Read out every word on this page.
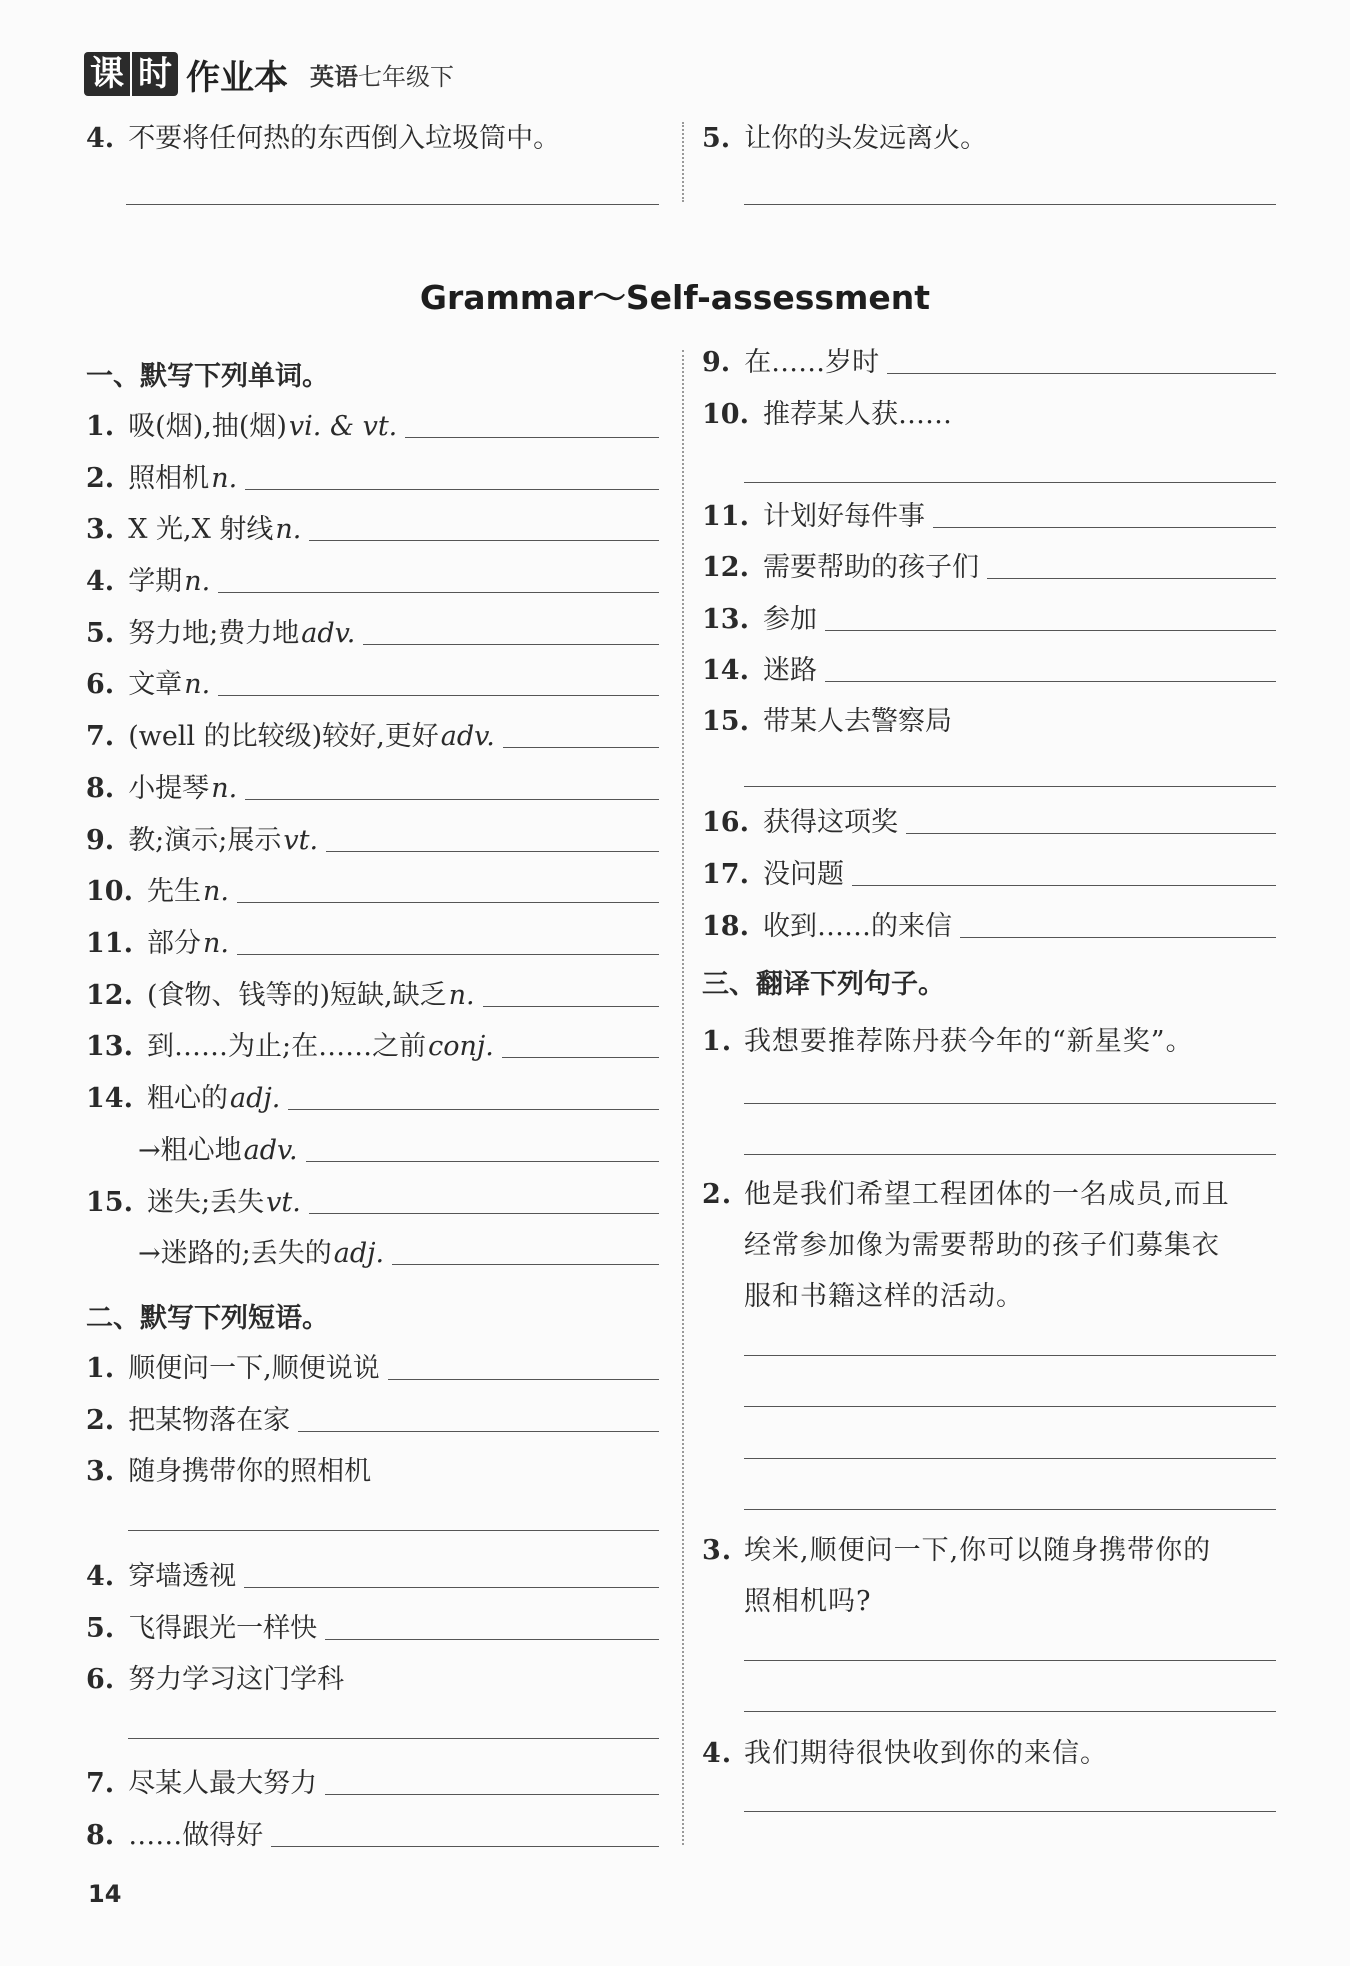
课 时 作业本 英语七年级下
4. 不要将任何热的东西倒入垃圾筒中。	5. 让你的头发远离火。
Grammar～Self-assessment
一、默写下列单词。
1. 吸(烟),抽(烟) vi. & vt.
2. 照相机 n.
3. X 光,X 射线 n.
4. 学期 n.
5. 努力地;费力地 adv.
6. 文章 n.
7. (well 的比较级)较好,更好 adv.
8. 小提琴 n.
9. 教;演示;展示 vt.
10. 先生 n.
11. 部分 n.
12. (食物、钱等的)短缺,缺乏 n.
13. 到……为止;在……之前 conj.
14. 粗心的 adj.
→粗心地 adv.
15. 迷失;丢失 vt.
→迷路的;丢失的 adj.
二、默写下列短语。
1. 顺便问一下,顺便说说
2. 把某物落在家
3. 随身携带你的照相机
4. 穿墙透视
5. 飞得跟光一样快
6. 努力学习这门学科
7. 尽某人最大努力
8. ……做得好
9. 在……岁时
10. 推荐某人获……
11. 计划好每件事
12. 需要帮助的孩子们
13. 参加
14. 迷路
15. 带某人去警察局
16. 获得这项奖
17. 没问题
18. 收到……的来信
三、翻译下列句子。
1. 我想要推荐陈丹获今年的“新星奖”。
2. 他是我们希望工程团体的一名成员,而且
经常参加像为需要帮助的孩子们募集衣
服和书籍这样的活动。
3. 埃米,顺便问一下,你可以随身携带你的
照相机吗?
4. 我们期待很快收到你的来信。
14
